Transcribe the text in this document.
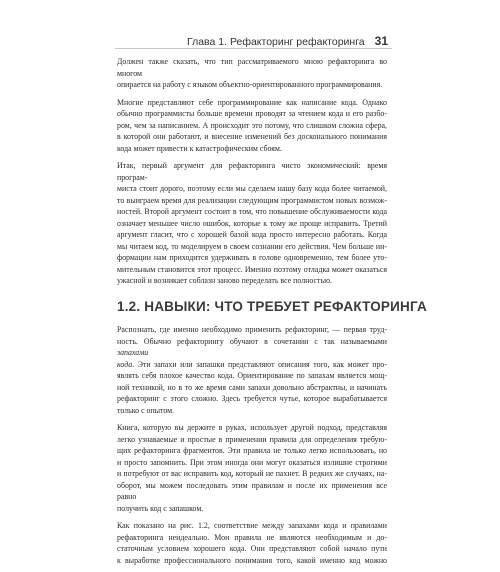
Глава 1. Рефакторинг рефакторинга 31

Должен также сказать, что тип рассматриваемого мною рефакторинга во многом
опирается на работу с языком объектно-ориентированного программирования.

Многие представляют себе программирование как написание кода. Однако
обычно программисты больше времени проводят за чтением кода и его разбо-
ром, чем за написанием. А происходит это потому, что слишком сложна сфера,
в которой они работают, и внесение изменений без досконального понимания
кода может привести к катастрофическим сбоям.

Итак, первый аргумент для рефакторинга чисто экономический: время програм-
миста стоит дорого, поэтому если мы сделаем нашу базу кода более читаемой,
то выиграем время для реализации следующим программистом новых возмож-
ностей. Второй аргумент состоит в том, что повышение обслуживаемости кода
означает меньшее число ошибок, которые к тому же проще исправить. Третий
аргумент гласит, что с хорошей базой кода просто интересно работать. Когда
мы читаем код, то моделируем в своем сознании его действия. Чем больше ин-
формации нам приходится удерживать в голове одновременно, тем более уто-
мительным становится этот процесс. Именно поэтому отладка может оказаться
ужасной и возникает соблазн заново переделать все полностью.

1.2. НАВЫКИ: ЧТО ТРЕБУЕТ РЕФАКТОРИНГА

Распознать, где именно необходимо применить рефакторинг, — первая труд-
ность. Обычно рефакторингу обучают в сочетании с так называемыми запахами
кода. Эти запахи или запашки представляют описания того, как может про-
являть себя плохое качество кода. Ориентирование по запахам является мощ-
ной техникой, но в то же время сами запахи довольно абстрактны, и начинать
рефакторинг с этого сложно. Здесь требуется чутье, которое вырабатывается
только с опытом.

Книга, которую вы держите в руках, использует другой подход, представляя
легко узнаваемые и простые в применении правила для определения требую-
щих рефакторинга фрагментов. Эти правила не только легко использовать, но
и просто запомнить. При этом иногда они могут оказаться излишне строгими
и потребуют от вас исправить код, который не пахнет. В редких же случаях, на-
оборот, мы можем последовать этим правилам и после их применения все равно
получить код с запашком.

Как показано на рис. 1.2, соответствие между запахами кода и правилами
рефакторинга неидеально. Мои правила не являются необходимым и до-
статочным условием хорошего кода. Они представляют собой начало пути
к выработке профессионального понимания того, какой именно код можно
